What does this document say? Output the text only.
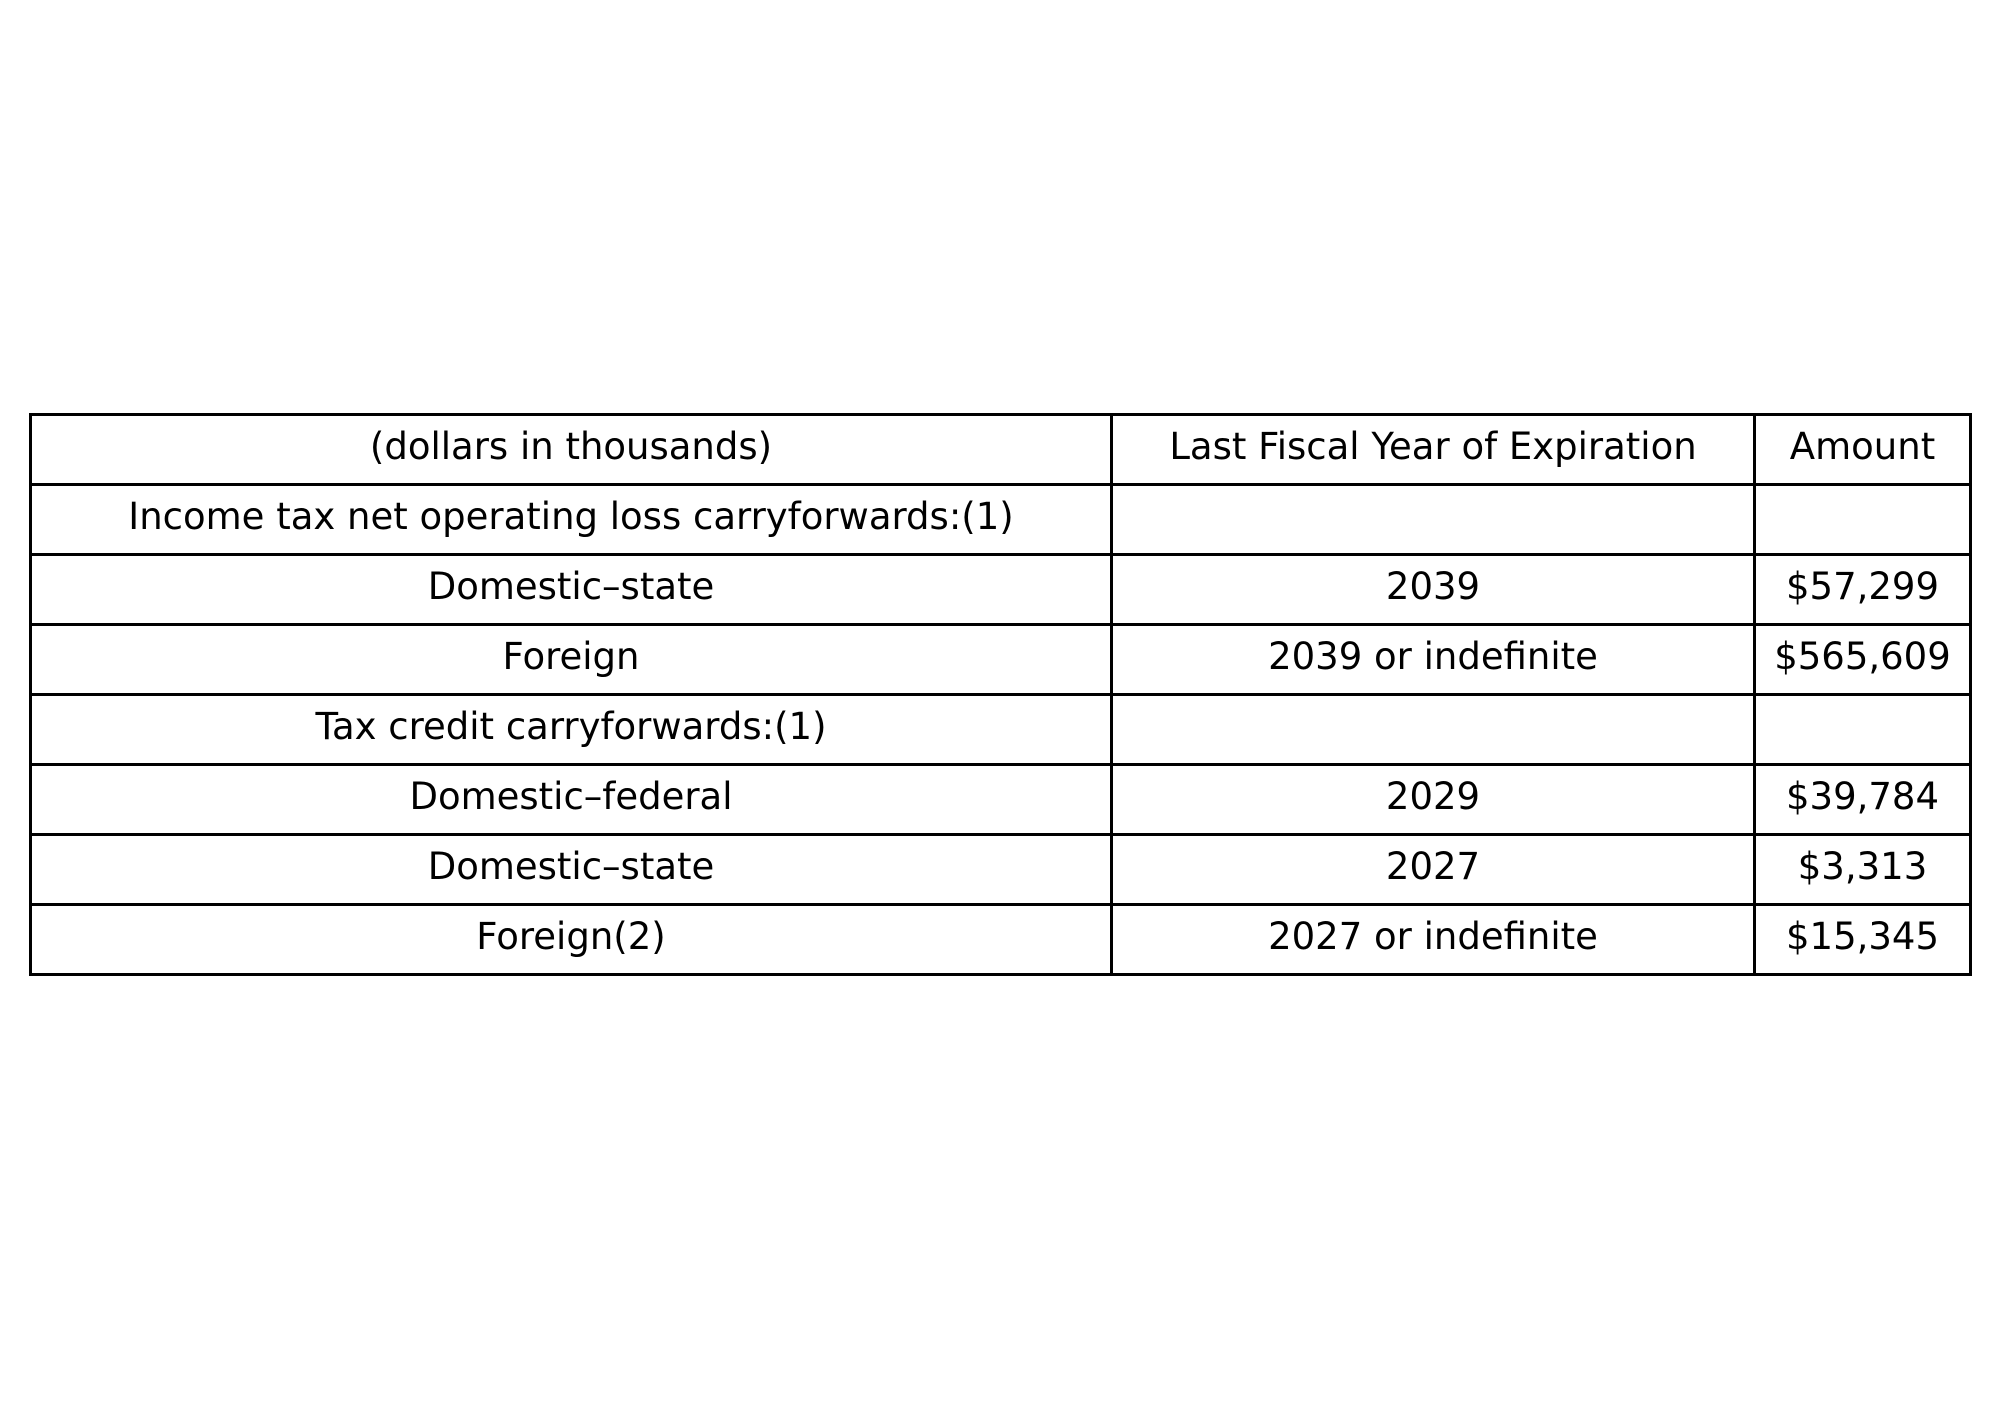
(dollars in thousands)	Last Fiscal Year of Expiration	Amount
Income tax net operating loss carryforwards:(1)		
Domestic–state	2039	$57,299
Foreign	2039 or indefinite	$565,609
Tax credit carryforwards:(1)		
Domestic–federal	2029	$39,784
Domestic–state	2027	$3,313
Foreign(2)	2027 or indefinite	$15,345
